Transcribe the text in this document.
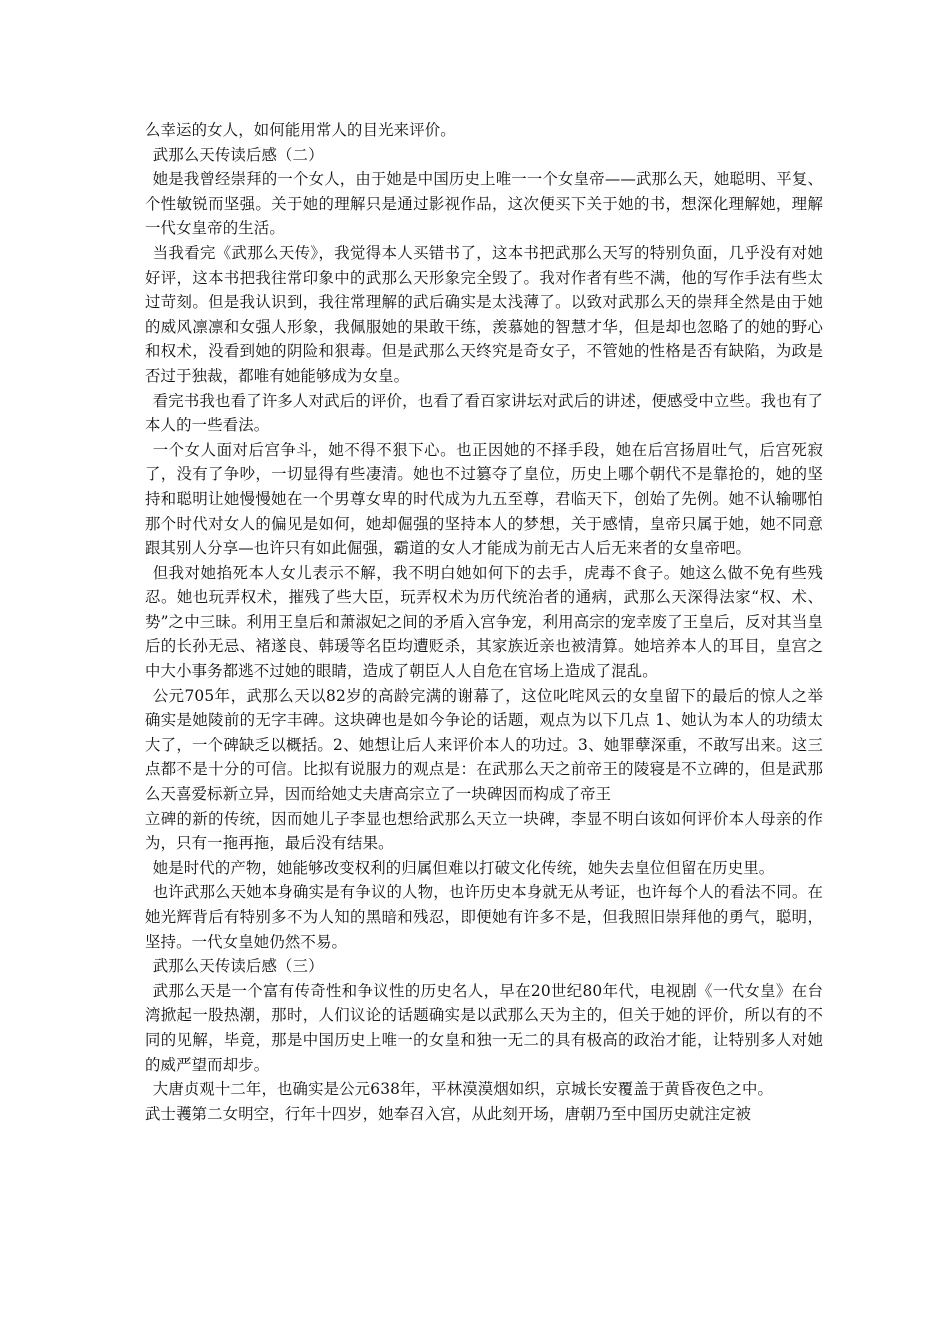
么幸运的女人，如何能用常人的目光来评价。

武那么天传读后感（二）

她是我曾经崇拜的一个女人，由于她是中国历史上唯一一个女皇帝——武那么天，她聪明、平复、个性敏锐而坚强。关于她的理解只是通过影视作品，这次便买下关于她的书，想深化理解她，理解一代女皇帝的生活。

当我看完《武那么天传》，我觉得本人买错书了，这本书把武那么天写的特别负面，几乎没有对她好评，这本书把我往常印象中的武那么天形象完全毁了。我对作者有些不满，他的写作手法有些太过苛刻。但是我认识到，我往常理解的武后确实是太浅薄了。以致对武那么天的崇拜全然是由于她的威风凛凛和女强人形象，我佩服她的果敢干练，羡慕她的智慧才华，但是却也忽略了的她的野心和权术，没看到她的阴险和狠毒。但是武那么天终究是奇女子，不管她的性格是否有缺陷，为政是否过于独裁，都唯有她能够成为女皇。

看完书我也看了许多人对武后的评价，也看了看百家讲坛对武后的讲述，便感受中立些。我也有了本人的一些看法。

一个女人面对后宫争斗，她不得不狠下心。也正因她的不择手段，她在后宫扬眉吐气，后宫死寂了，没有了争吵，一切显得有些凄清。她也不过篡夺了皇位，历史上哪个朝代不是靠抢的，她的坚持和聪明让她慢慢她在一个男尊女卑的时代成为九五至尊，君临天下，创始了先例。她不认输哪怕那个时代对女人的偏见是如何，她却倔强的坚持本人的梦想，关于感情，皇帝只属于她，她不同意跟其别人分享—也许只有如此倔强，霸道的女人才能成为前无古人后无来者的女皇帝吧。

但我对她掐死本人女儿表示不解，我不明白她如何下的去手，虎毒不食子。她这么做不免有些残忍。她也玩弄权术，摧残了些大臣，玩弄权术为历代统治者的通病，武那么天深得法家“权、术、势”之中三昧。利用王皇后和萧淑妃之间的矛盾入宫争宠，利用高宗的宠幸废了王皇后，反对其当皇后的长孙无忌、褚遂良、韩瑗等名臣均遭贬杀，其家族近亲也被清算。她培养本人的耳目，皇宫之中大小事务都逃不过她的眼睛，造成了朝臣人人自危在官场上造成了混乱。

公元705年，武那么天以82岁的高龄完满的谢幕了，这位叱咤风云的女皇留下的最后的惊人之举确实是她陵前的无字丰碑。这块碑也是如今争论的话题，观点为以下几点 1、她认为本人的功绩太大了，一个碑缺乏以概括。2、她想让后人来评价本人的功过。3、她罪孽深重，不敢写出来。这三点都不是十分的可信。比拟有说服力的观点是：在武那么天之前帝王的陵寝是不立碑的，但是武那么天喜爱标新立异，因而给她丈夫唐高宗立了一块碑因而构成了帝王

立碑的新的传统，因而她儿子李显也想给武那么天立一块碑，李显不明白该如何评价本人母亲的作为，只有一拖再拖，最后没有结果。

她是时代的产物，她能够改变权利的归属但难以打破文化传统，她失去皇位但留在历史里。

也许武那么天她本身确实是有争议的人物，也许历史本身就无从考证，也许每个人的看法不同。在她光辉背后有特别多不为人知的黑暗和残忍，即便她有许多不是，但我照旧崇拜他的勇气，聪明，坚持。一代女皇她仍然不易。

武那么天传读后感（三）

武那么天是一个富有传奇性和争议性的历史名人，早在20世纪80年代，电视剧《一代女皇》在台湾掀起一股热潮，那时，人们议论的话题确实是以武那么天为主的，但关于她的评价，所以有的不同的见解，毕竟，那是中国历史上唯一的女皇和独一无二的具有极高的政治才能，让特别多人对她的威严望而却步。

大唐贞观十二年，也确实是公元638年，平林漠漠烟如织，京城长安覆盖于黄昏夜色之中。

武士彟第二女明空，行年十四岁，她奉召入宫，从此刻开场，唐朝乃至中国历史就注定被
